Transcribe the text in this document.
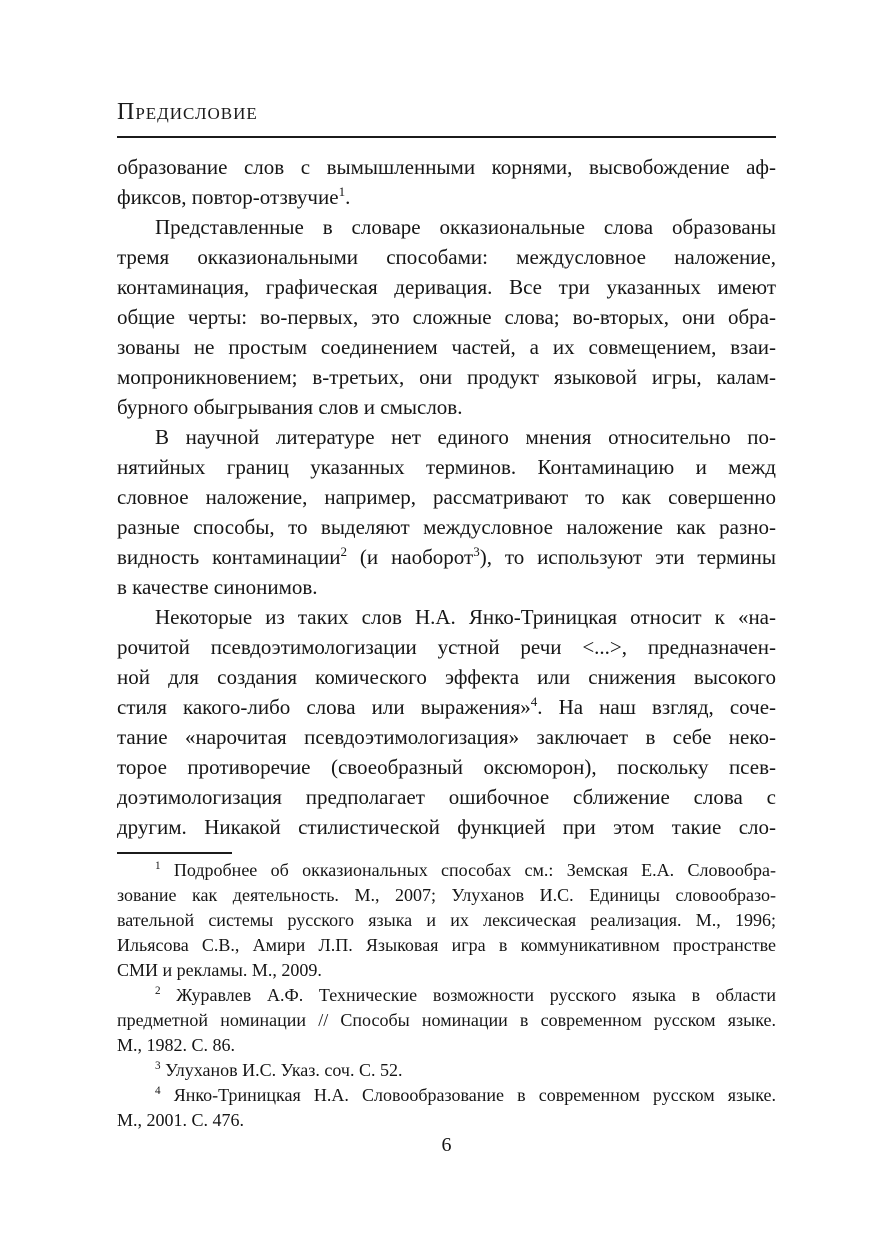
Предисловие
образование слов с вымышленными корнями, высвобождение аф-
фиксов, повтор-отзвучие$^1$.
Представленные в словаре окказиональные слова образованы
тремя окказиональными способами: междусловное наложение,
контаминация, графическая деривация. Все три указанных имеют
общие черты: во-первых, это сложные слова; во-вторых, они обра-
зованы не простым соединением частей, а их совмещением, взаи-
мопроникновением; в-третьих, они продукт языковой игры, калам-
бурного обыгрывания слов и смыслов.
В научной литературе нет единого мнения относительно по-
нятийных границ указанных терминов. Контаминацию и межд
словное наложение, например, рассматривают то как совершенно
разные способы, то выделяют междусловное наложение как разно-
видность контаминации$^2$ (и наоборот$^3$), то используют эти термины
в качестве синонимов.
Некоторые из таких слов Н.А. Янко-Триницкая относит к «на-
рочитой псевдоэтимологизации устной речи <...>, предназначен-
ной для создания комического эффекта или снижения высокого
стиля какого-либо слова или выражения»$^4$. На наш взгляд, соче-
тание «нарочитая псевдоэтимологизация» заключает в себе неко-
торое противоречие (своеобразный оксюморон), поскольку псев-
доэтимологизация предполагает ошибочное сближение слова с
другим. Никакой стилистической функцией при этом такие сло-
$^1$ Подробнее об окказиональных способах см.: Земская Е.А. Словообра-
зование как деятельность. М., 2007; Улуханов И.С. Единицы словообразо-
вательной системы русского языка и их лексическая реализация. М., 1996;
Ильясова С.В., Амири Л.П. Языковая игра в коммуникативном пространстве
СМИ и рекламы. М., 2009.
$^2$ Журавлев А.Ф. Технические возможности русского языка в области
предметной номинации // Способы номинации в современном русском языке.
М., 1982. С. 86.
$^3$ Улуханов И.С. Указ. соч. С. 52.
$^4$ Янко-Триницкая Н.А. Словообразование в современном русском языке.
М., 2001. С. 476.
6
